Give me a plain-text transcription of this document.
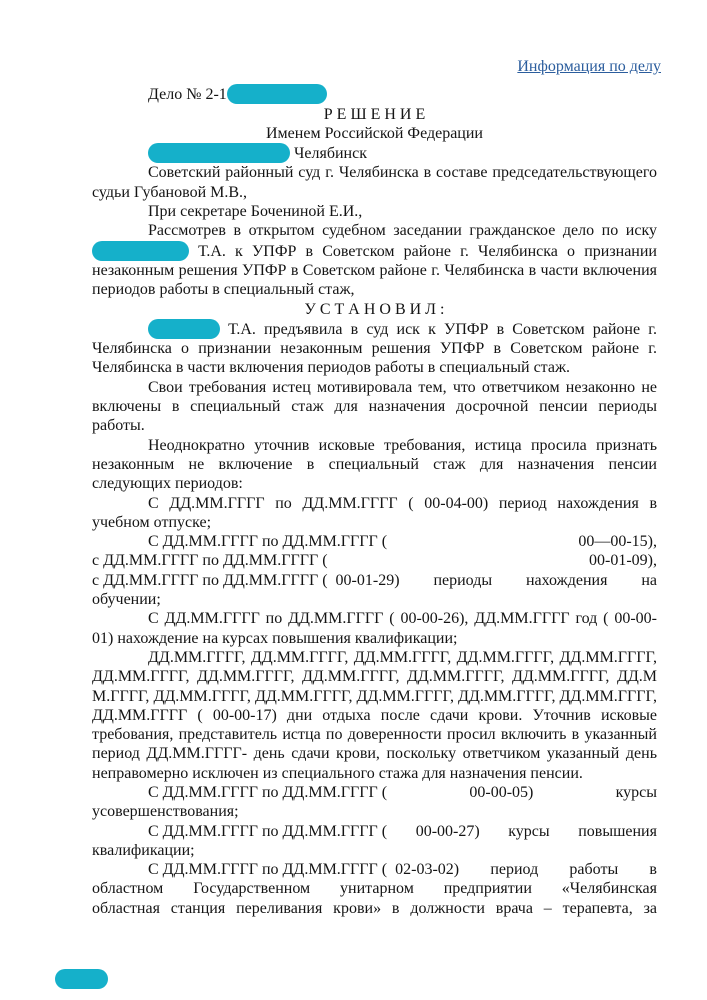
Информация по делу

Дело № 2-1

Р Е Ш Е Н И Е

Именем Российской Федерации

Челябинск

Советский районный суд г. Челябинска в составе председательствующего судьи Губановой М.В.,

При секретаре Бочениной Е.И.,

Рассмотрев в открытом судебном заседании гражданское дело по иску  Т.А. к УПФР в Советском районе г. Челябинска о признании незаконным решения УПФР в Советском районе г. Челябинска в части включения периодов работы в специальный стаж,

У С Т А Н О В И Л :

Т.А. предъявила в суд иск к УПФР в Советском районе г. Челябинска о признании незаконным решения УПФР в Советском районе г. Челябинска в части включения периодов работы в специальный стаж.

Свои требования истец мотивировала тем, что ответчиком незаконно не включены в специальный стаж для назначения досрочной пенсии периоды работы.

Неоднократно уточнив исковые требования, истица просила признать незаконным не включение в специальный стаж для назначения пенсии следующих периодов:

С ДД.ММ.ГГГГ по ДД.ММ.ГГГГ ( 00-04-00) период нахождения в учебном отпуске;

С ДД.ММ.ГГГГ по ДД.ММ.ГГГГ (	00—00-15),
с ДД.ММ.ГГГГ по ДД.ММ.ГГГГ (	00-01-09),
с ДД.ММ.ГГГГ по ДД.ММ.ГГГГ (  00-01-29) периоды нахождения на

обучении;

С ДД.ММ.ГГГГ по ДД.ММ.ГГГГ ( 00-00-26), ДД.ММ.ГГГГ год ( 00-00-01) нахождение на курсах повышения квалификации;

ДД.ММ.ГГГГ, ДД.ММ.ГГГГ, ДД.ММ.ГГГГ, ДД.ММ.ГГГГ, ДД.ММ.ГГГГ, ДД.ММ.ГГГГ, ДД.ММ.ГГГГ, ДД.ММ.ГГГГ, ДД.ММ.ГГГГ, ДД.ММ.ГГГГ, ДД.ММ.ГГГГ, ДД.ММ.ГГГГ, ДД.ММ.ГГГГ, ДД.ММ.ГГГГ, ДД.ММ.ГГГГ, ДД.ММ.ГГГГ, ДД.ММ.ГГГГ ( 00-00-17) дни отдыха после сдачи крови. Уточнив исковые требования, представитель истца по доверенности просил включить в указанный период ДД.ММ.ГГГГ- день сдачи крови, поскольку ответчиком указанный день неправомерно исключен из специального стажа для назначения пенсии.

С ДД.ММ.ГГГГ по ДД.ММ.ГГГГ (	00-00-05)	курсы

усовершенствования;

С ДД.ММ.ГГГГ по ДД.ММ.ГГГГ ( 00-00-27) курсы повышения

квалификации;

С ДД.ММ.ГГГГ по ДД.ММ.ГГГГ (  02-03-02) период работы в
областном Государственном унитарном предприятии «Челябинская

областная станция переливания крови» в должности врача – терапевта, за
